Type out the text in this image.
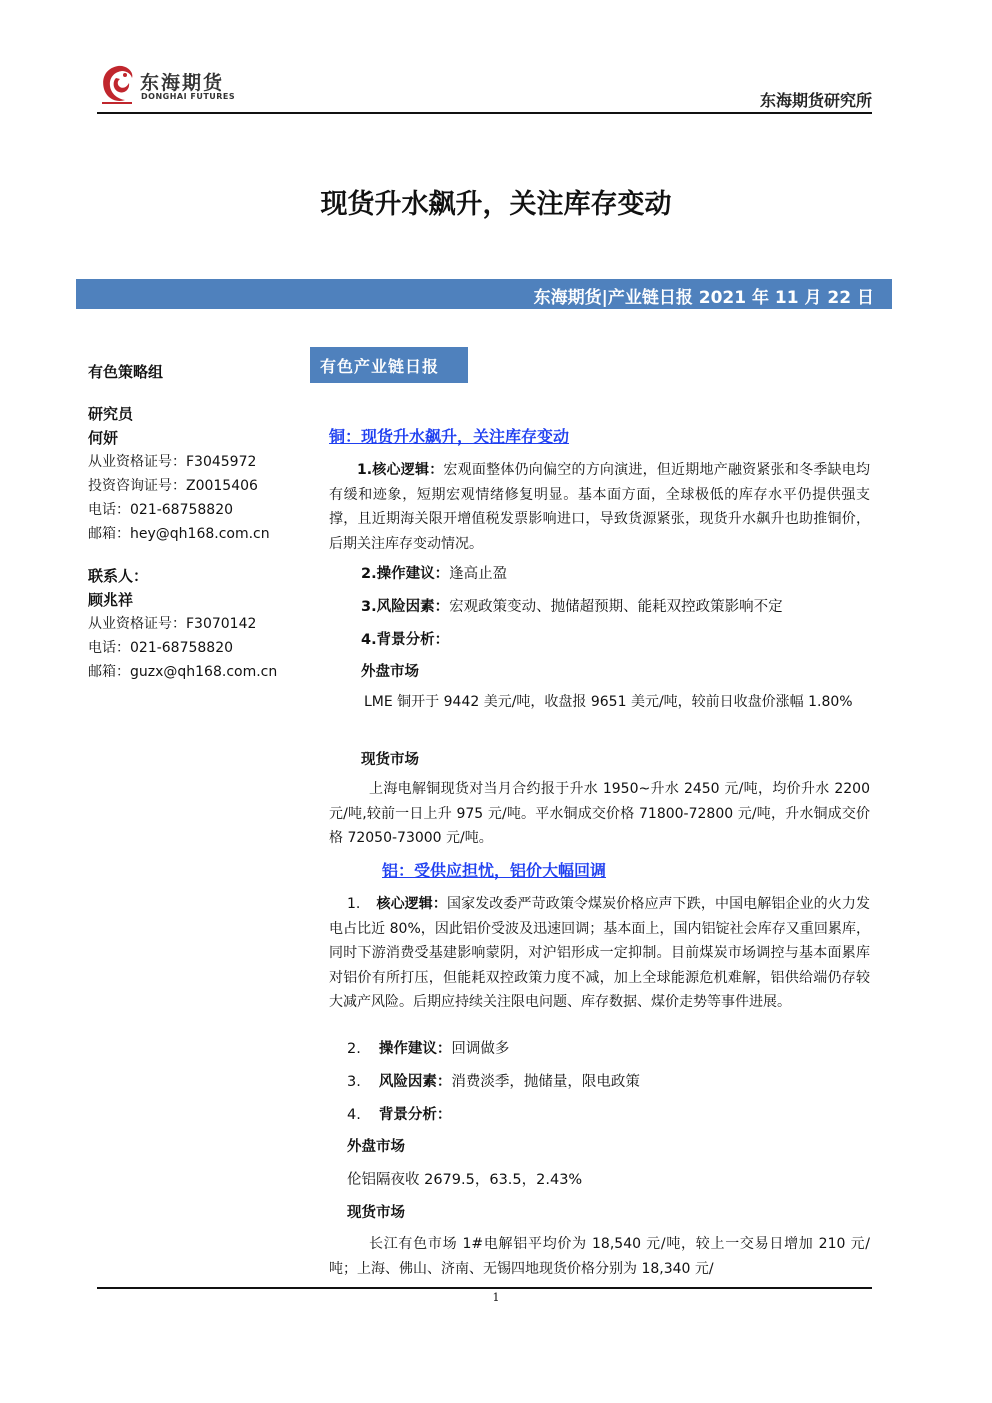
东海期货
DONGHAI FUTURES	东海期货研究所
现货升水飙升，关注库存变动
东海期货|产业链日报 2021 年 11 月 22 日
有色策略组
研究员
何妍
从业资格证号：F3045972
投资咨询证号：Z0015406
电话：021-68758820
邮箱：hey@qh168.com.cn
联系人：
顾兆祥
从业资格证号：F3070142
电话：021-68758820
邮箱：guzx@qh168.com.cn
有色产业链日报
铜：现货升水飙升，关注库存变动
1.核心逻辑：宏观面整体仍向偏空的方向演进，但近期地产融资紧张和冬季缺电均有缓和迹象，短期宏观情绪修复明显。基本面方面，全球极低的库存水平仍提供强支撑，且近期海关限开增值税发票影响进口，导致货源紧张，现货升水飙升也助推铜价，后期关注库存变动情况。
2.操作建议：逢高止盈
3.风险因素：宏观政策变动、抛储超预期、能耗双控政策影响不定
4.背景分析：
外盘市场
LME 铜开于 9442 美元/吨，收盘报 9651 美元/吨，较前日收盘价涨幅 1.80%
现货市场
上海电解铜现货对当月合约报于升水 1950~升水 2450 元/吨，均价升水 2200 元/吨,较前一日上升 975 元/吨。平水铜成交价格 71800-72800 元/吨，升水铜成交价格 72050-73000 元/吨。
铝：受供应担忧，铝价大幅回调
1. 核心逻辑：国家发改委严苛政策令煤炭价格应声下跌，中国电解铝企业的火力发电占比近 80%，因此铝价受波及迅速回调；基本面上，国内铝锭社会库存又重回累库，同时下游消费受基建影响蒙阴，对沪铝形成一定抑制。目前煤炭市场调控与基本面累库对铝价有所打压，但能耗双控政策力度不减，加上全球能源危机难解，铝供给端仍存较大减产风险。后期应持续关注限电问题、库存数据、煤价走势等事件进展。
2. 操作建议：回调做多
3. 风险因素：消费淡季，抛储量，限电政策
4. 背景分析：
外盘市场
伦铝隔夜收 2679.5，63.5，2.43%
现货市场
长江有色市场 1#电解铝平均价为 18,540 元/吨，较上一交易日增加 210 元/吨；上海、佛山、济南、无锡四地现货价格分别为 18,340 元/
1
